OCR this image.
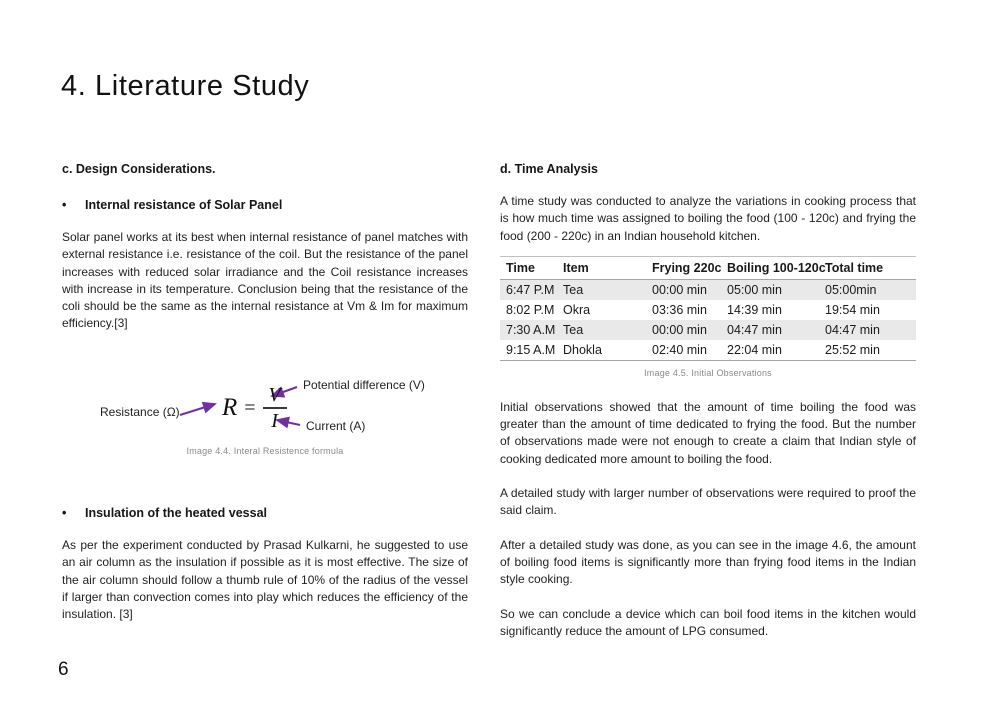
4. Literature Study
c. Design Considerations.
•	Internal resistance of Solar Panel
Solar panel works at its best when internal resistance of panel matches with external resistance i.e. resistance of the coil. But the resistance of the panel increases with reduced solar irradiance and the Coil resistance increases with increase in its temperature. Conclusion being that the resistance of the coli should be the same as the internal resistance at Vm & Im for maximum efficiency.[3]
Resistance (Ω)
Potential difference (V)
Current (A)
$R = \frac{V}{I}$
Image 4.4. Interal Resistence formula
•	Insulation of the heated vessal
As per the experiment conducted by Prasad Kulkarni, he suggested to use an air column as the insulation if possible as it is most effective. The size of the air column should follow a thumb rule of 10% of the radius of the vessel if larger than convection comes into play which reduces the efficiency of the insulation. [3]
d. Time Analysis
A time study was conducted to analyze the variations in cooking process that is how much time was assigned to boiling the food (100 - 120c) and frying the food (200 - 220c) in an Indian household kitchen.
Time	Item	Frying 220c	Boiling 100-120c	Total time
6:47 P.M	Tea	00:00 min	05:00 min	05:00min
8:02 P.M	Okra	03:36 min	14:39 min	19:54 min
7:30 A.M	Tea	00:00 min	04:47 min	04:47 min
9:15 A.M	Dhokla	02:40 min	22:04 min	25:52 min
Image 4.5. Initial Observations
Initial observations showed that the amount of time boiling the food was greater than the amount of time dedicated to frying the food. But the number of observations made were not enough to create a claim that Indian style of cooking dedicated more amount to boiling the food.
A detailed study with larger number of observations were required to proof the said claim.
After a detailed study was done, as you can see in the image 4.6, the amount of boiling food items is significantly more than frying food items in the Indian style cooking.
So we can conclude a device which can boil food items in the kitchen would significantly reduce the amount of LPG consumed.
6
